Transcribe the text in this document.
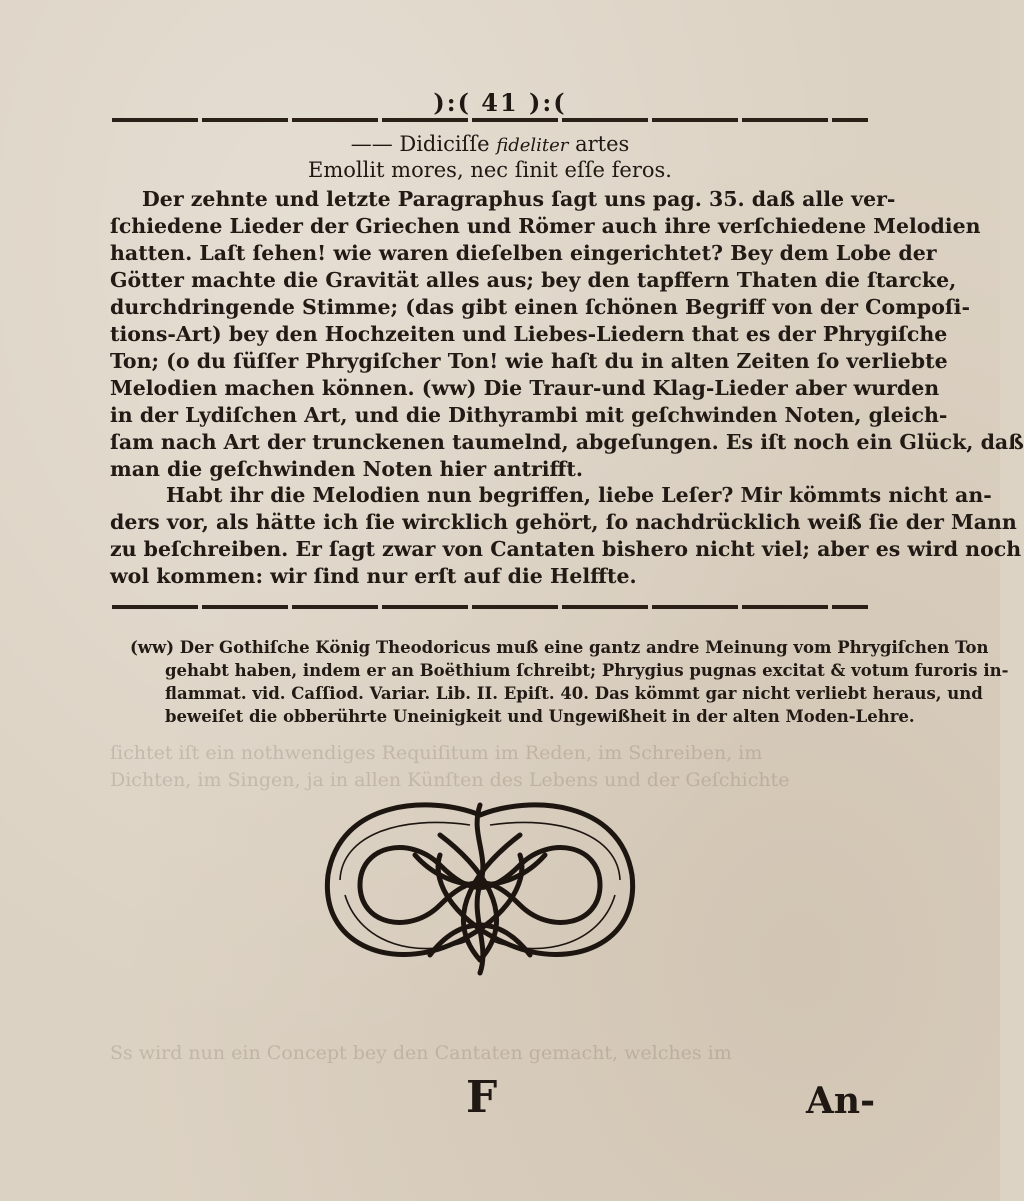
ſichtet iſt ein nothwendiges Requiſitum im Reden, im Schreiben, im
Dichten, im Singen, ja in allen Künſten des Lebens und der Geſchichte
Ss wird nun ein Concept bey den Cantaten gemacht, welches im
):( 41 ):(
—— Didiciſſe fideliter artes
Emollit mores, nec ſinit eſſe feros.
Der zehnte und letzte Paragraphus ſagt uns pag. 35. daß alle ver-
ſchiedene Lieder der Griechen und Römer auch ihre verſchiedene Melodien
hatten. Laſt ſehen! wie waren dieſelben eingerichtet? Bey dem Lobe der
Götter machte die Gravität alles aus; bey den tapffern Thaten die ſtarcke,
durchdringende Stimme; (das gibt einen ſchönen Begriff von der Compoſi-
tions-Art) bey den Hochzeiten und Liebes-Liedern that es der Phrygiſche
Ton; (o du ſüſſer Phrygiſcher Ton! wie haſt du in alten Zeiten ſo verliebte
Melodien machen können. (ww) Die Traur-und Klag-Lieder aber wurden
in der Lydiſchen Art, und die Dithyrambi mit geſchwinden Noten, gleich-
ſam nach Art der trunckenen taumelnd, abgeſungen. Es iſt noch ein Glück, daß
man die geſchwinden Noten hier antrifft.
Habt ihr die Melodien nun begriffen, liebe Leſer? Mir kömmts nicht an-
ders vor, als hätte ich ſie wircklich gehört, ſo nachdrücklich weiß ſie der Mann
zu beſchreiben. Er ſagt zwar von Cantaten bishero nicht viel; aber es wird noch
wol kommen: wir ſind nur erſt auf die Helffte.
(ww) Der Gothiſche König Theodoricus muß eine gantz andre Meinung vom Phrygiſchen Ton
gehabt haben, indem er an Boëthium ſchreibt; Phrygius pugnas excitat & votum furoris in-
flammat. vid. Caſſiod. Variar. Lib. II. Epiſt. 40. Das kömmt gar nicht verliebt heraus, und
beweiſet die obberührte Uneinigkeit und Ungewißheit in der alten Moden-Lehre.
F	An-
